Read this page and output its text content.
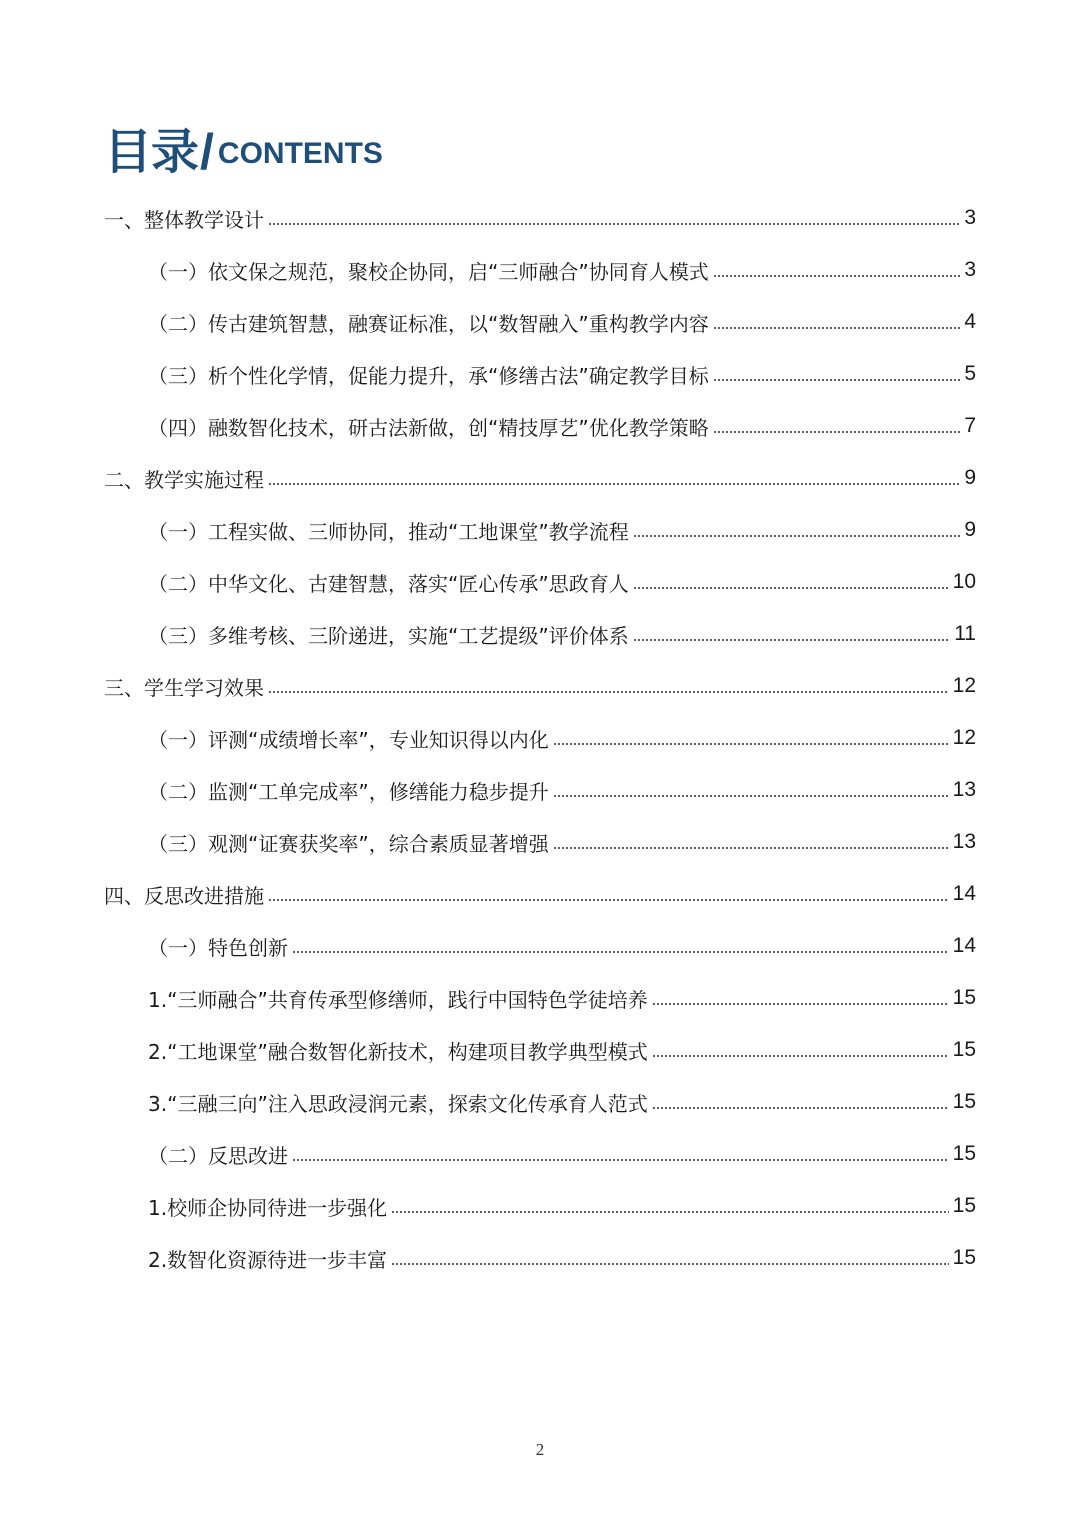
目录 / CONTENTS
一、整体教学设计	3
（一）依文保之规范，聚校企协同，启“三师融合”协同育人模式	3
（二）传古建筑智慧，融赛证标准，以“数智融入”重构教学内容	4
（三）析个性化学情，促能力提升，承“修缮古法”确定教学目标	5
（四）融数智化技术，研古法新做，创“精技厚艺”优化教学策略	7
二、教学实施过程	9
（一）工程实做、三师协同，推动“工地课堂”教学流程	9
（二）中华文化、古建智慧，落实“匠心传承”思政育人	10
（三）多维考核、三阶递进，实施“工艺提级”评价体系	11
三、学生学习效果	12
（一）评测“成绩增长率”，专业知识得以内化	12
（二）监测“工单完成率”，修缮能力稳步提升	13
（三）观测“证赛获奖率”，综合素质显著增强	13
四、反思改进措施	14
（一）特色创新	14
1.“三师融合”共育传承型修缮师，践行中国特色学徒培养	15
2.“工地课堂”融合数智化新技术，构建项目教学典型模式	15
3.“三融三向”注入思政浸润元素，探索文化传承育人范式	15
（二）反思改进	15
1.校师企协同待进一步强化	15
2.数智化资源待进一步丰富	15
2
